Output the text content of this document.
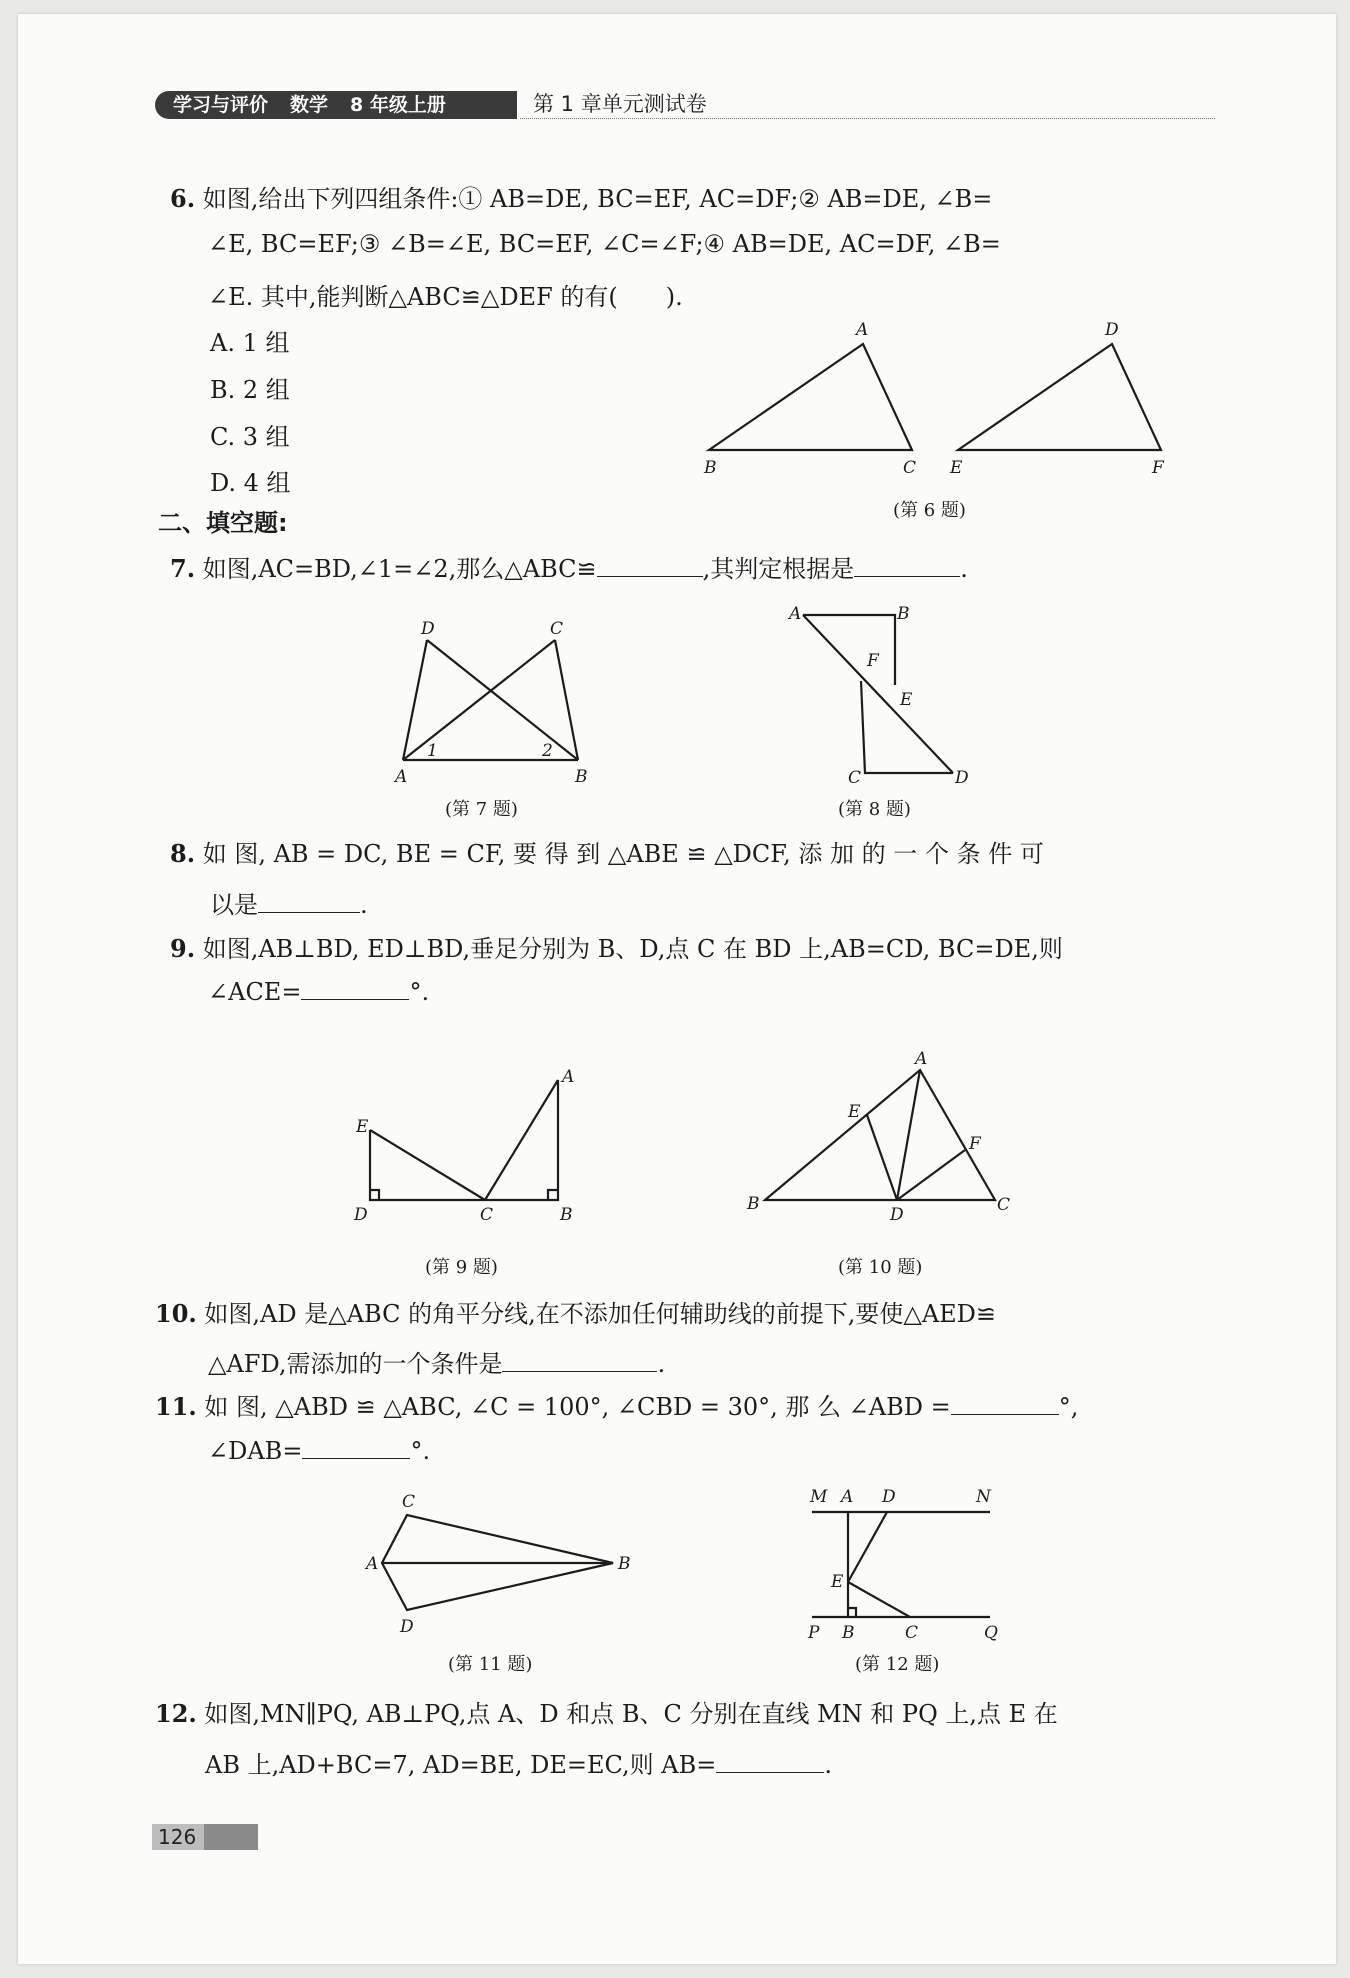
学习与评价 数学 8 年级上册	第 1 章单元测试卷
6. 如图,给出下列四组条件:① AB=DE, BC=EF, AC=DF;② AB=DE, ∠B=
∠E, BC=EF;③ ∠B=∠E, BC=EF, ∠C=∠F;④ AB=DE, AC=DF, ∠B=
∠E. 其中,能判断△ABC≌△DEF 的有(　　).
A. 1 组
B. 2 组
C. 3 组
D. 4 组
A
B	C
D
E	F
(第 6 题)
二、填空题:
7. 如图,AC=BD,∠1=∠2,那么△ABC≌	,其判定根据是	.
D	C
A	B
1	2
(第 7 题)
A	B
F
E
C	D
(第 8 题)
8. 如 图, AB = DC, BE = CF, 要 得 到 △ABE ≌ △DCF, 添 加 的 一 个 条 件 可
以是	.
9. 如图,AB⊥BD, ED⊥BD,垂足分别为 B、D,点 C 在 BD 上,AB=CD, BC=DE,则
∠ACE=	°.
E
A
D	C	B
(第 9 题)
A
E
F
B
D	C
(第 10 题)
10. 如图,AD 是△ABC 的角平分线,在不添加任何辅助线的前提下,要使△AED≌
△AFD,需添加的一个条件是	.
11. 如 图, △ABD ≌ △ABC, ∠C = 100°, ∠CBD = 30°, 那 么 ∠ABD =	°,
∠DAB=	°.
C
A	B
D
(第 11 题)
M A D	N
E
P B	C	Q
(第 12 题)
12. 如图,MN∥PQ, AB⊥PQ,点 A、D 和点 B、C 分别在直线 MN 和 PQ 上,点 E 在
AB 上,AD+BC=7, AD=BE, DE=EC,则 AB=	.
126
